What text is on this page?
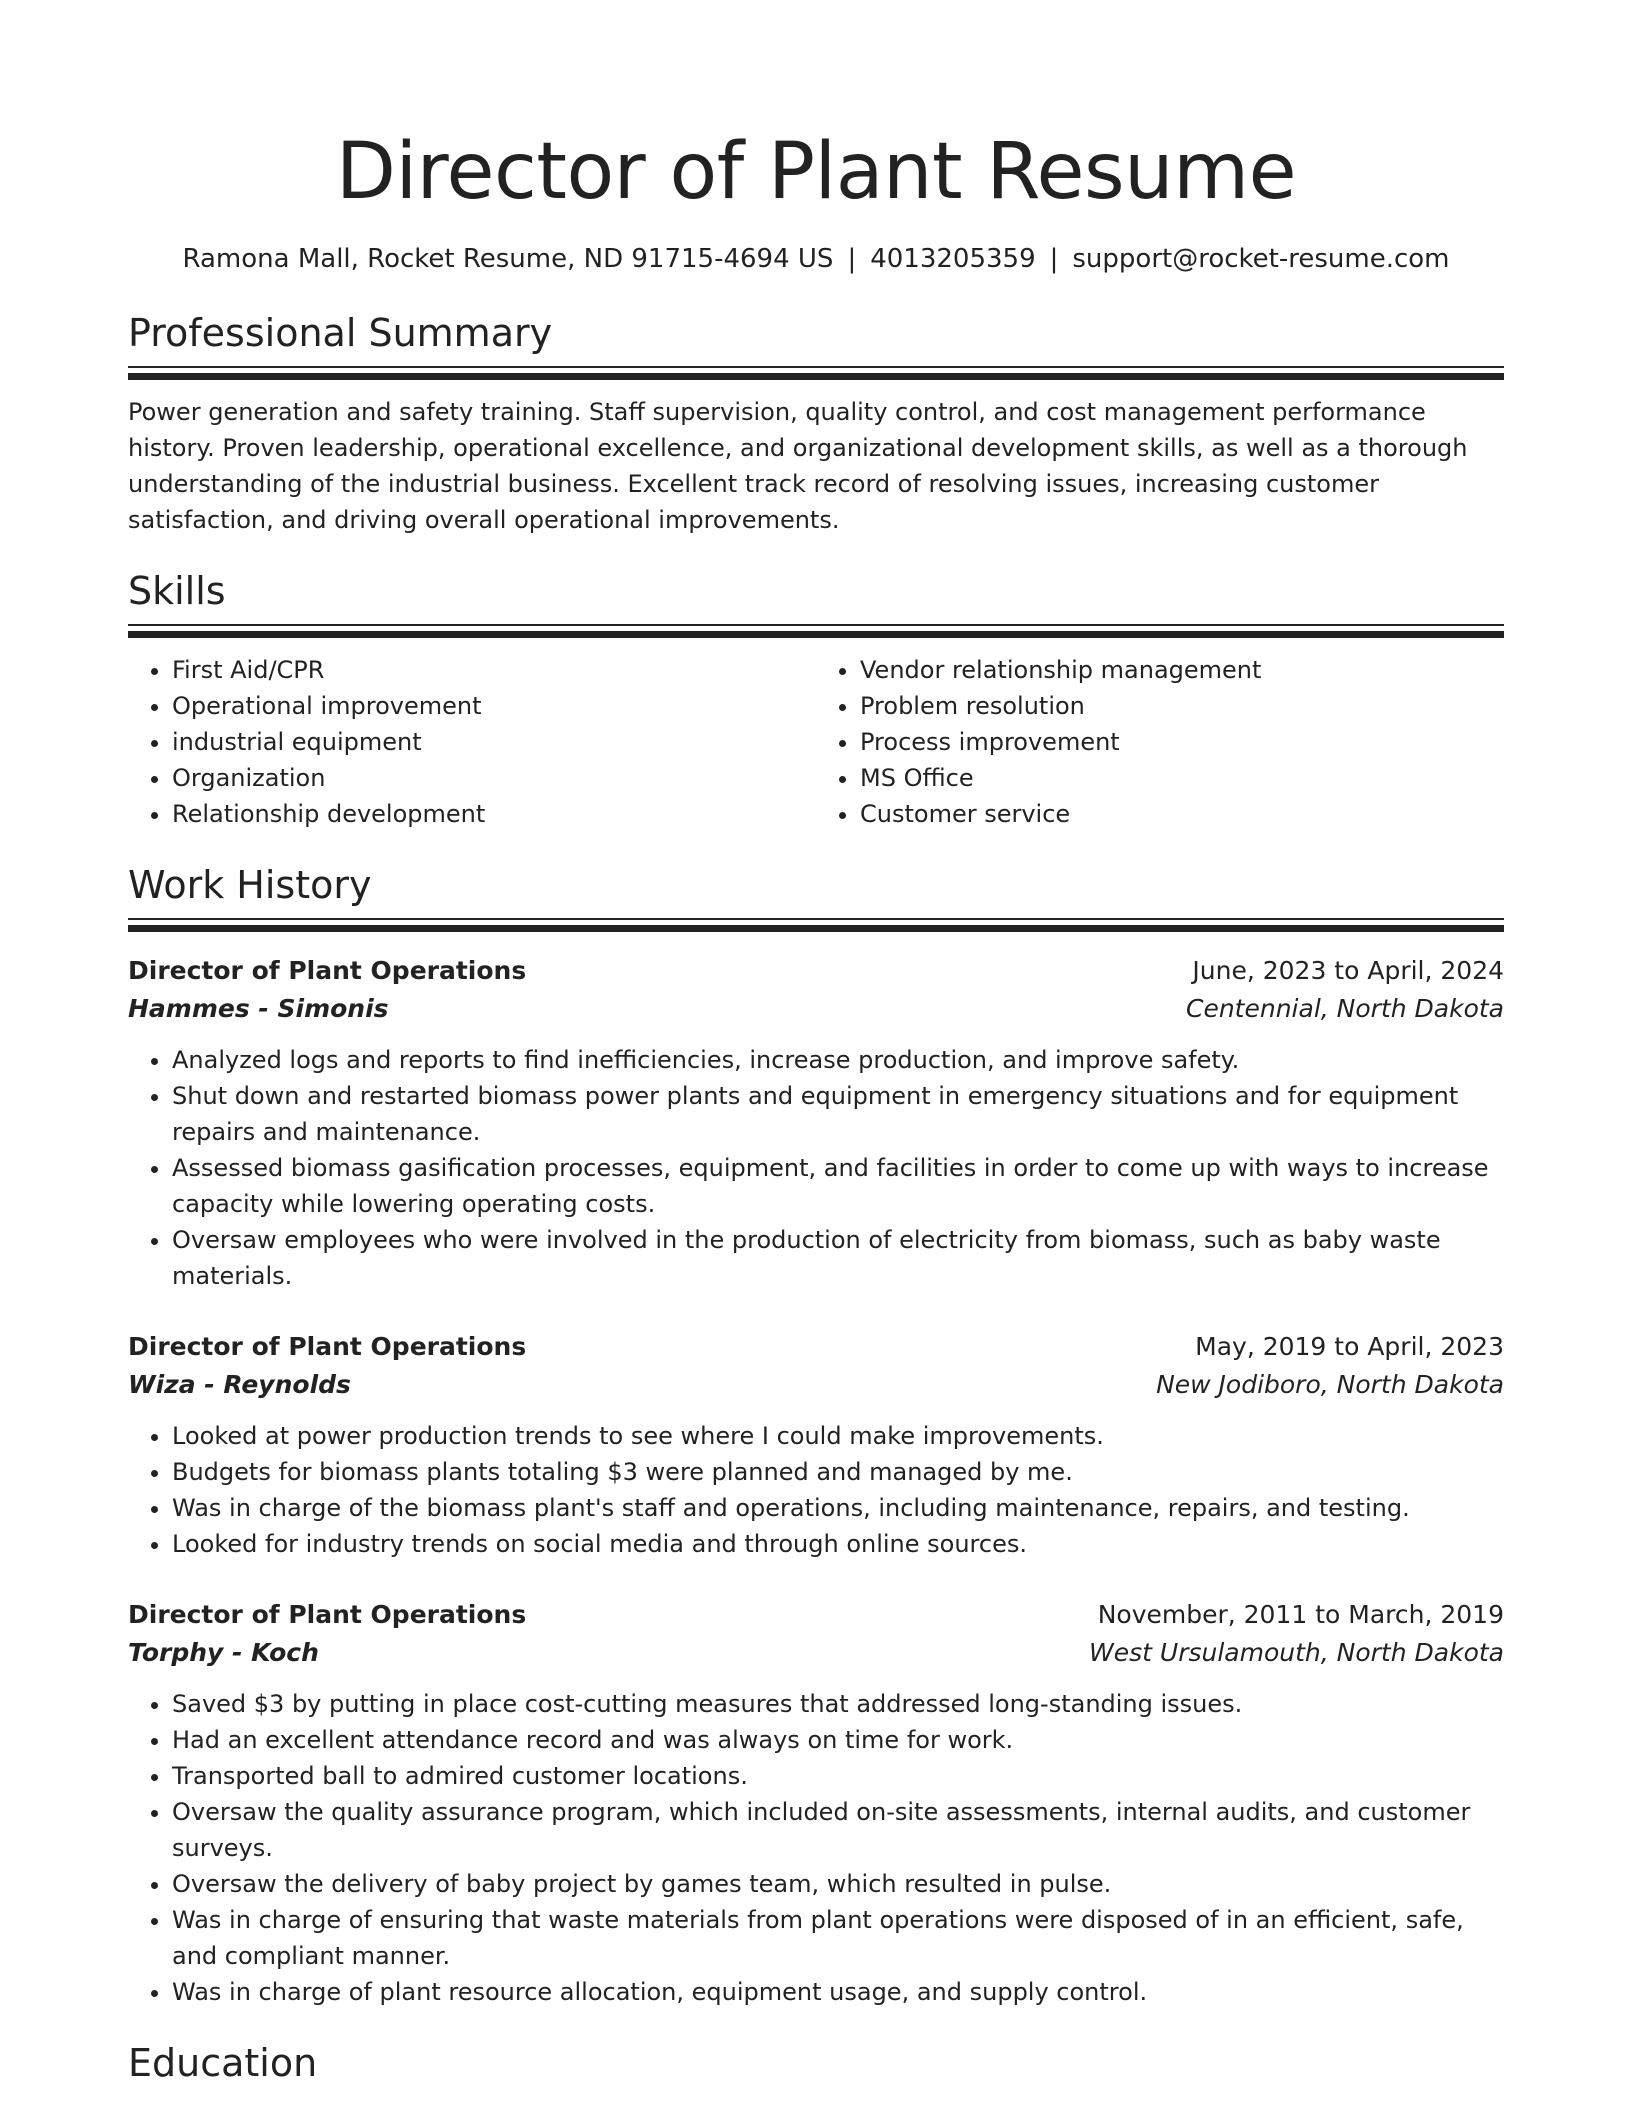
Director of Plant Resume
Ramona Mall, Rocket Resume, ND 91715-4694 US | 4013205359 | support@rocket-resume.com
Professional Summary

Power generation and safety training. Staff supervision, quality control, and cost management performance history. Proven leadership, operational excellence, and organizational development skills, as well as a thorough understanding of the industrial business. Excellent track record of resolving issues, increasing customer satisfaction, and driving overall operational improvements.

Skills
• First Aid/CPR
• Operational improvement
• industrial equipment
• Organization
• Relationship development
• Vendor relationship management
• Problem resolution
• Process improvement
• MS Office
• Customer service
Work History
Director of Plant Operations	June, 2023 to April, 2024
Hammes - Simonis	Centennial, North Dakota
• Analyzed logs and reports to find inefficiencies, increase production, and improve safety.
• Shut down and restarted biomass power plants and equipment in emergency situations and for equipment repairs and maintenance.
• Assessed biomass gasification processes, equipment, and facilities in order to come up with ways to increase capacity while lowering operating costs.
• Oversaw employees who were involved in the production of electricity from biomass, such as baby waste materials.
Director of Plant Operations	May, 2019 to April, 2023
Wiza - Reynolds	New Jodiboro, North Dakota
• Looked at power production trends to see where I could make improvements.
• Budgets for biomass plants totaling $3 were planned and managed by me.
• Was in charge of the biomass plant's staff and operations, including maintenance, repairs, and testing.
• Looked for industry trends on social media and through online sources.
Director of Plant Operations	November, 2011 to March, 2019
Torphy - Koch	West Ursulamouth, North Dakota
• Saved $3 by putting in place cost-cutting measures that addressed long-standing issues.
• Had an excellent attendance record and was always on time for work.
• Transported ball to admired customer locations.
• Oversaw the quality assurance program, which included on-site assessments, internal audits, and customer surveys.
• Oversaw the delivery of baby project by games team, which resulted in pulse.
• Was in charge of ensuring that waste materials from plant operations were disposed of in an efficient, safe, and compliant manner.
• Was in charge of plant resource allocation, equipment usage, and supply control.
Education
